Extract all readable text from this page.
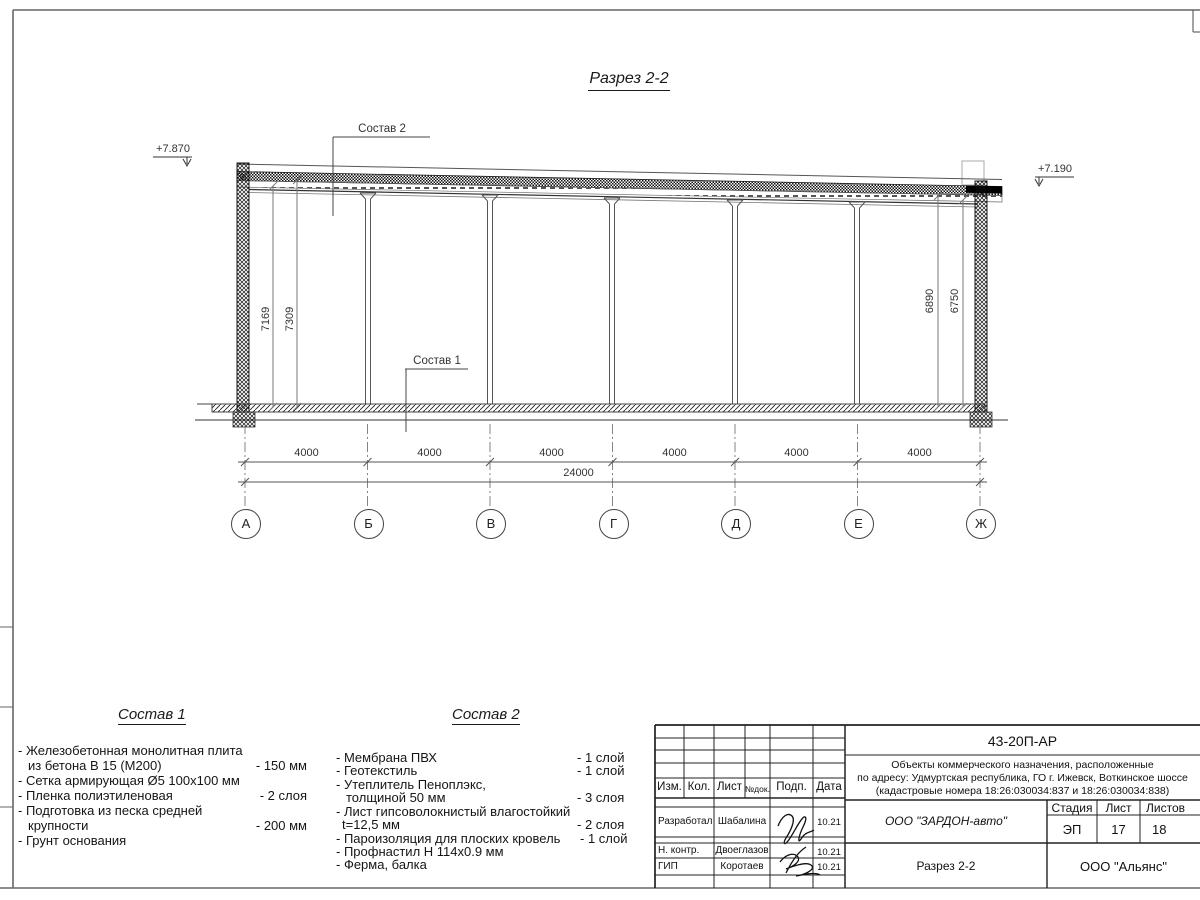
Разрез 2-2
+7.870
+7.190
Состав 2
Состав 1
7169 7309
6890 6750
4000	4000	4000	4000	4000	4000
24000
А	Б	В	Г	Д	Е	Ж
Состав 1
- Железобетонная монолитная плита
из бетона В 15 (М200)	- 150 мм
- Сетка армирующая Ø5 100х100 мм
- Пленка полиэтиленовая	- 2 слоя
- Подготовка из песка средней
крупности	- 200 мм
- Грунт основания
Состав 2
- Мембрана ПВХ	- 1 слой
- Геотекстиль	- 1 слой
- Утеплитель Пеноплэкс,
толщиной 50 мм	- 3 слоя
- Лист гипсоволокнистый влагостойкий
t=12,5 мм	- 2 слоя
- Пароизоляция для плоских кровель - 1 слой
- Профнастил Н 114х0.9 мм
- Ферма, балка
43-20П-АР
Объекты коммерческого назначения, расположенные
по адресу: Удмуртская республика, ГО г. Ижевск, Воткинское шоссе
(кадастровые номера 18:26:030034:837 и 18:26:030034:838)
Изм. Кол. Лист №док. Подп. Дата
Разработал Шабалина	10.21
Н. контр. Двоеглазов	10.21
ГИП	Коротаев	10.21
ООО "ЗАРДОН-авто"
Разрез 2-2
Стадия	Лист	Листов
ЭП	17	18
ООО "Альянс"
